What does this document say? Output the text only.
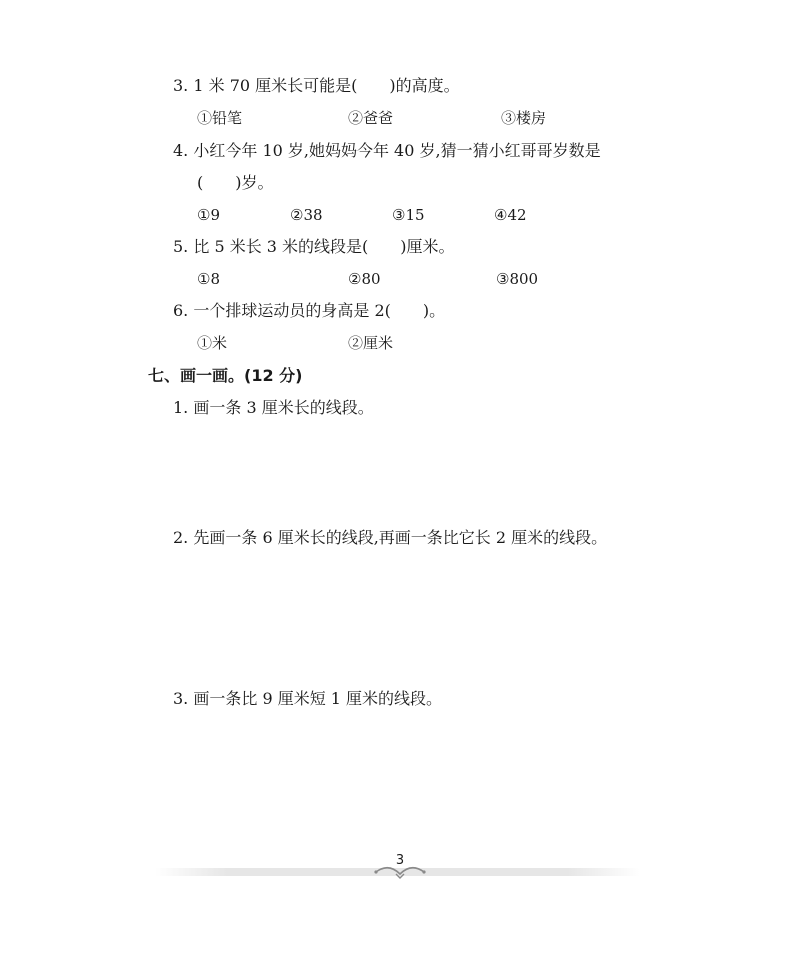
3. 1 米 70 厘米长可能是(　　)的高度。
①铅笔	②爸爸	③楼房
4. 小红今年 10 岁,她妈妈今年 40 岁,猜一猜小红哥哥岁数是
(　　)岁。
①9	②38	③15	④42
5. 比 5 米长 3 米的线段是(　　)厘米。
①8	②80	③800
6. 一个排球运动员的身高是 2(　　)。
①米	②厘米
七、画一画。(12 分)
1. 画一条 3 厘米长的线段。
2. 先画一条 6 厘米长的线段,再画一条比它长 2 厘米的线段。
3. 画一条比 9 厘米短 1 厘米的线段。
3
